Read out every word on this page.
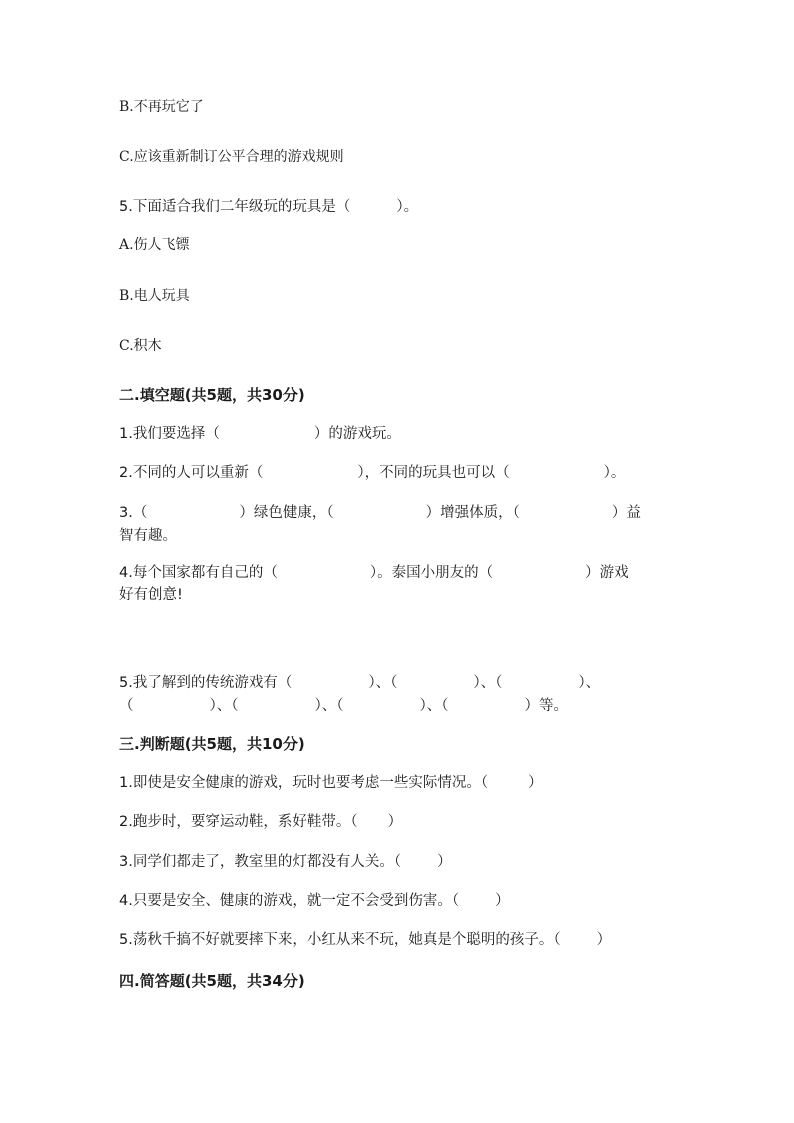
B.不再玩它了
C.应该重新制订公平合理的游戏规则
5.下面适合我们二年级玩的玩具是（	）。
A.伤人飞镖
B.电人玩具
C.积木
二.填空题(共5题，共30分)
1.我们要选择（	）的游戏玩。
2.不同的人可以重新（	），不同的玩具也可以（	）。
3.（	）绿色健康，（	）增强体质，（	）益
智有趣。
4.每个国家都有自己的（	）。泰国小朋友的（	）游戏
好有创意!
5.我了解到的传统游戏有（	）、（	）、（	）、
（	）、（	）、（	）、（	）等。
三.判断题(共5题，共10分)
1.即使是安全健康的游戏，玩时也要考虑一些实际情况。（	）
2.跑步时，要穿运动鞋，系好鞋带。（ ）
3.同学们都走了，教室里的灯都没有人关。（ ）
4.只要是安全、健康的游戏，就一定不会受到伤害。（ ）
5.荡秋千搞不好就要摔下来，小红从来不玩，她真是个聪明的孩子。（ ）
四.简答题(共5题，共34分)
